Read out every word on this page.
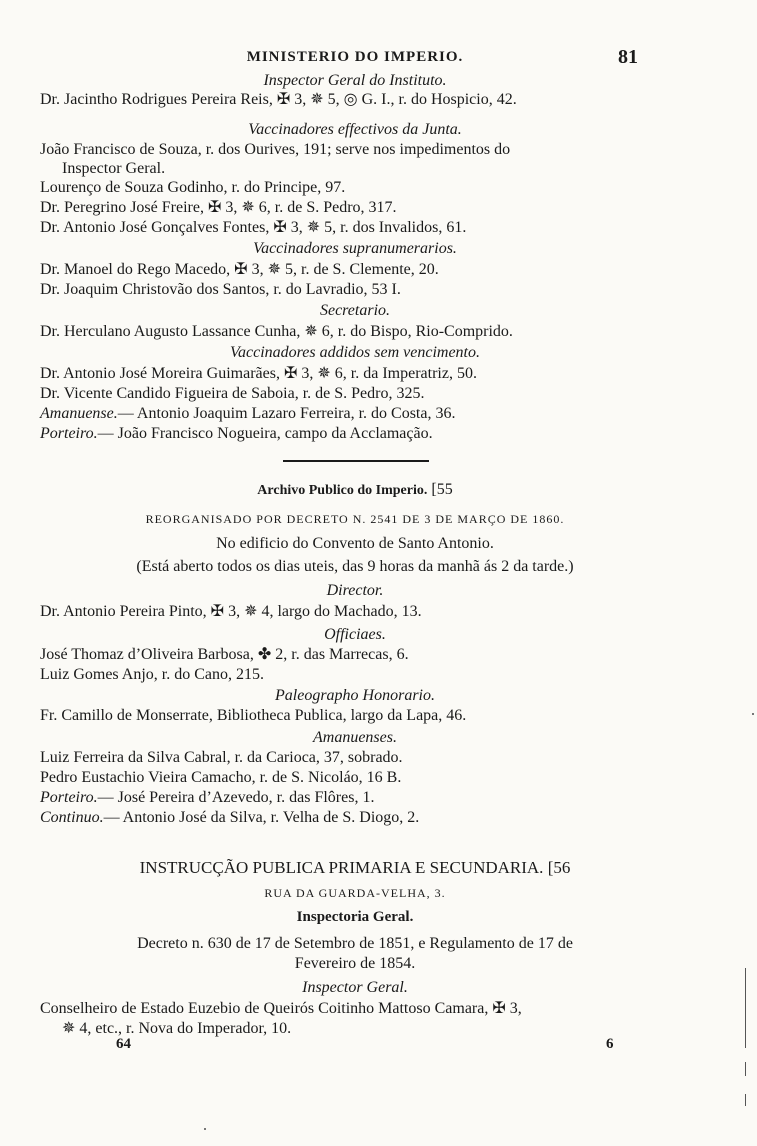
MINISTERIO DO IMPERIO.	81
Inspector Geral do Instituto.
Dr. Jacintho Rodrigues Pereira Reis, ✠ 3, ✵ 5, ◎ G. I., r. do Hospicio, 42.
Vaccinadores effectivos da Junta.
João Francisco de Souza, r. dos Ourives, 191; serve nos impedimentos do
Inspector Geral.
Lourenço de Souza Godinho, r. do Principe, 97.
Dr. Peregrino José Freire, ✠ 3, ✵ 6, r. de S. Pedro, 317.
Dr. Antonio José Gonçalves Fontes, ✠ 3, ✵ 5, r. dos Invalidos, 61.
Vaccinadores supranumerarios.
Dr. Manoel do Rego Macedo, ✠ 3, ✵ 5, r. de S. Clemente, 20.
Dr. Joaquim Christovão dos Santos, r. do Lavradio, 53 I.
Secretario.
Dr. Herculano Augusto Lassance Cunha, ✵ 6, r. do Bispo, Rio-Comprido.
Vaccinadores addidos sem vencimento.
Dr. Antonio José Moreira Guimarães, ✠ 3, ✵ 6, r. da Imperatriz, 50.
Dr. Vicente Candido Figueira de Saboia, r. de S. Pedro, 325.
Amanuense.— Antonio Joaquim Lazaro Ferreira, r. do Costa, 36.
Porteiro.— João Francisco Nogueira, campo da Acclamação.
Archivo Publico do Imperio. [55
REORGANISADO POR DECRETO N. 2541 DE 3 DE MARÇO DE 1860.
No edificio do Convento de Santo Antonio.
(Está aberto todos os dias uteis, das 9 horas da manhã ás 2 da tarde.)
Director.
Dr. Antonio Pereira Pinto, ✠ 3, ✵ 4, largo do Machado, 13.
Officiaes.
José Thomaz d’Oliveira Barbosa, ✤ 2, r. das Marrecas, 6.
Luiz Gomes Anjo, r. do Cano, 215.
Paleographo Honorario.
Fr. Camillo de Monserrate, Bibliotheca Publica, largo da Lapa, 46.
Amanuenses.
Luiz Ferreira da Silva Cabral, r. da Carioca, 37, sobrado.
Pedro Eustachio Vieira Camacho, r. de S. Nicoláo, 16 B.
Porteiro.— José Pereira d’Azevedo, r. das Flôres, 1.
Continuo.— Antonio José da Silva, r. Velha de S. Diogo, 2.
INSTRUCÇÃO PUBLICA PRIMARIA E SECUNDARIA. [56
RUA DA GUARDA-VELHA, 3.
Inspectoria Geral.
Decreto n. 630 de 17 de Setembro de 1851, e Regulamento de 17 de
Fevereiro de 1854.
Inspector Geral.
Conselheiro de Estado Euzebio de Queirós Coitinho Mattoso Camara, ✠ 3,
✵ 4, etc., r. Nova do Imperador, 10.
64	6
